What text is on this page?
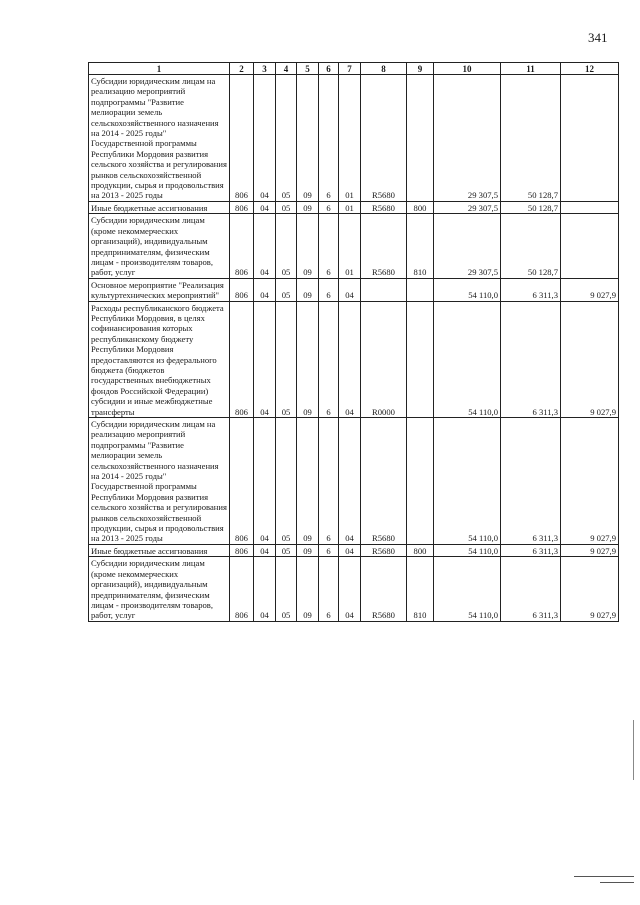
341
1	2	3	4	5	6	7	8	9	10	11	12

Субсидии юридическим лицам на реализацию мероприятий подпрограммы "Развитие мелиорации земель сельскохозяйственного назначения на 2014 - 2025 годы" Государственной программы Республики Мордовия развития сельского хозяйства и регулирования рынков сельскохозяйственной продукции, сырья и продовольствия на 2013 - 2025 годы	806	04	05	09	6	01	R5680		29 307,5	50 128,7	

Иные бюджетные ассигнования	806	04	05	09	6	01	R5680	800	29 307,5	50 128,7	

Субсидии юридическим лицам (кроме некоммерческих организаций), индивидуальным предпринимателям, физическим лицам - производителям товаров, работ, услуг	806	04	05	09	6	01	R5680	810	29 307,5	50 128,7	

Основное мероприятие "Реализация культуртехнических мероприятий"	806	04	05	09	6	04			54 110,0	6 311,3	9 027,9

Расходы республиканского бюджета Республики Мордовия, в целях софинансирования которых республиканскому бюджету Республики Мордовия предоставляются из федерального бюджета (бюджетов государственных внебюджетных фондов Российской Федерации) субсидии и иные межбюджетные трансферты	806	04	05	09	6	04	R0000		54 110,0	6 311,3	9 027,9

Субсидии юридическим лицам на реализацию мероприятий подпрограммы "Развитие мелиорации земель сельскохозяйственного назначения на 2014 - 2025 годы" Государственной программы Республики Мордовия развития сельского хозяйства и регулирования рынков сельскохозяйственной продукции, сырья и продовольствия на 2013 - 2025 годы	806	04	05	09	6	04	R5680		54 110,0	6 311,3	9 027,9

Иные бюджетные ассигнования	806	04	05	09	6	04	R5680	800	54 110,0	6 311,3	9 027,9

Субсидии юридическим лицам (кроме некоммерческих организаций), индивидуальным предпринимателям, физическим лицам - производителям товаров, работ, услуг	806	04	05	09	6	04	R5680	810	54 110,0	6 311,3	9 027,9
